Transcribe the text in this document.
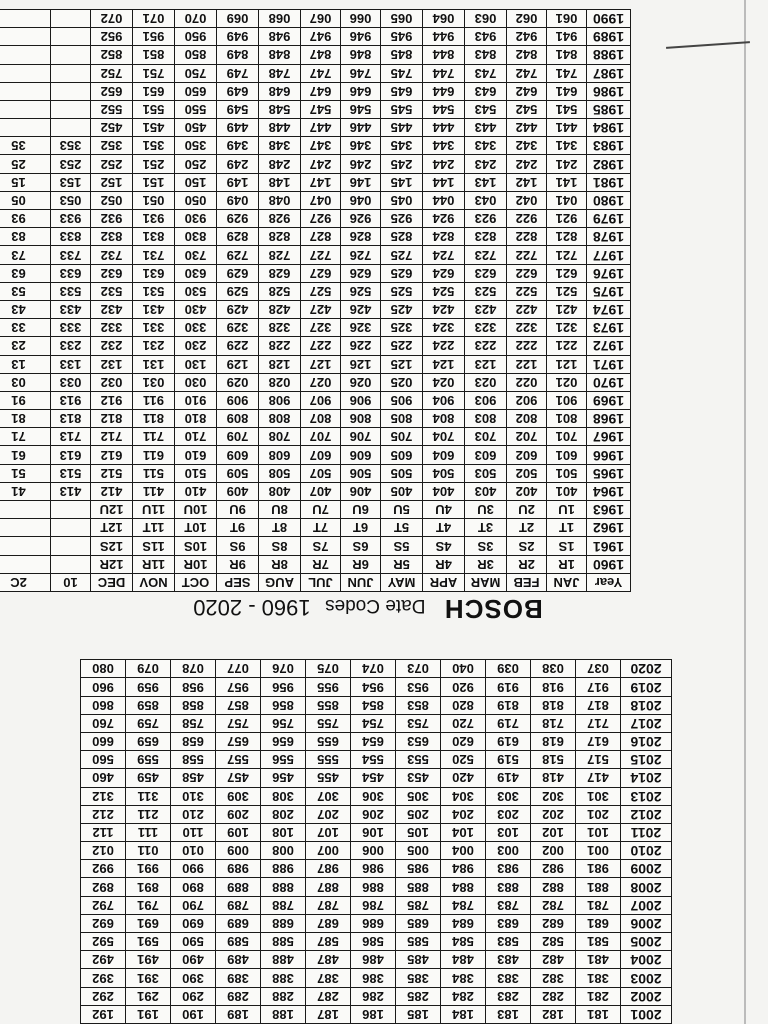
BOSCH Date Codes 1960 - 2020
Year	JAN	FEB	MAR	APR	MAY	JUN	JUL	AUG	SEP	OCT	NOV	DEC	10	2C
1960	1R	2R	3R	4R	5R	6R	7R	8R	9R	10R	11R	12R		
1961	1S	2S	3S	4S	5S	6S	7S	8S	9S	10S	11S	12S		
1962	1T	2T	3T	4T	5T	6T	7T	8T	9T	10T	11T	12T		
1963	1U	2U	3U	4U	5U	6U	7U	8U	9U	10U	11U	12U		
1964	401	402	403	404	405	406	407	408	409	410	411	412	413	41
1965	501	502	503	504	505	506	507	508	509	510	511	512	513	51
1966	601	602	603	604	605	606	607	608	609	610	611	612	613	61
1967	701	702	703	704	705	706	707	708	709	710	711	712	713	71
1968	801	802	803	804	805	806	807	808	809	810	811	812	813	81
1969	901	902	903	904	905	906	907	908	909	910	911	912	913	91
1970	021	022	023	024	025	026	027	028	029	030	031	032	033	03
1971	121	122	123	124	125	126	127	128	129	130	131	132	133	13
1972	221	222	223	224	225	226	227	228	229	230	231	232	233	23
1973	321	322	323	324	325	326	327	328	329	330	331	332	333	33
1974	421	422	423	424	425	426	427	428	429	430	431	432	433	43
1975	521	522	523	524	525	526	527	528	529	530	531	532	533	53
1976	621	622	623	624	625	626	627	628	629	630	631	632	633	63
1977	721	722	723	724	725	726	727	728	729	730	731	732	733	73
1978	821	822	823	824	825	826	827	828	829	830	831	832	833	83
1979	921	922	923	924	925	926	927	928	929	930	931	932	933	93
1980	041	042	043	044	045	046	047	048	049	050	051	052	053	05
1981	141	142	143	144	145	146	147	148	149	150	151	152	153	15
1982	241	242	243	244	245	246	247	248	249	250	251	252	253	25
1983	341	342	343	344	345	346	347	348	349	350	351	352	353	35
1984	441	442	443	444	445	446	447	448	449	450	451	452		
1985	541	542	543	544	545	546	547	548	549	550	551	552		
1986	641	642	643	644	645	646	647	648	649	650	651	652		
1987	741	742	743	744	745	746	747	748	749	750	751	752		
1988	841	842	843	844	845	846	847	848	849	850	851	852		
1989	941	942	943	944	945	946	947	948	949	950	951	952		
1990	061	062	063	064	065	066	067	068	069	070	071	072		
2001	181	182	183	184	185	186	187	188	189	190	191	192
2002	281	282	283	284	285	286	287	288	289	290	291	292
2003	381	382	383	384	385	386	387	388	389	390	391	392
2004	481	482	483	484	485	486	487	488	489	490	491	492
2005	581	582	583	584	585	586	587	588	589	590	591	592
2006	681	682	683	684	685	686	687	688	689	690	691	692
2007	781	782	783	784	785	786	787	788	789	790	791	792
2008	881	882	883	884	885	886	887	888	889	890	891	892
2009	981	982	983	984	985	986	987	988	989	990	991	992
2010	001	002	003	004	005	006	007	008	009	010	011	012
2011	101	102	103	104	105	106	107	108	109	110	111	112
2012	201	202	203	204	205	206	207	208	209	210	211	212
2013	301	302	303	304	305	306	307	308	309	310	311	312
2014	417	418	419	420	453	454	455	456	457	458	459	460
2015	517	518	519	520	553	554	555	556	557	558	559	560
2016	617	618	619	620	653	654	655	656	657	658	659	660
2017	717	718	719	720	753	754	755	756	757	758	759	760
2018	817	818	819	820	853	854	855	856	857	858	859	860
2019	917	918	919	920	953	954	955	956	957	958	959	960
2020	037	038	039	040	073	074	075	076	077	078	079	080
